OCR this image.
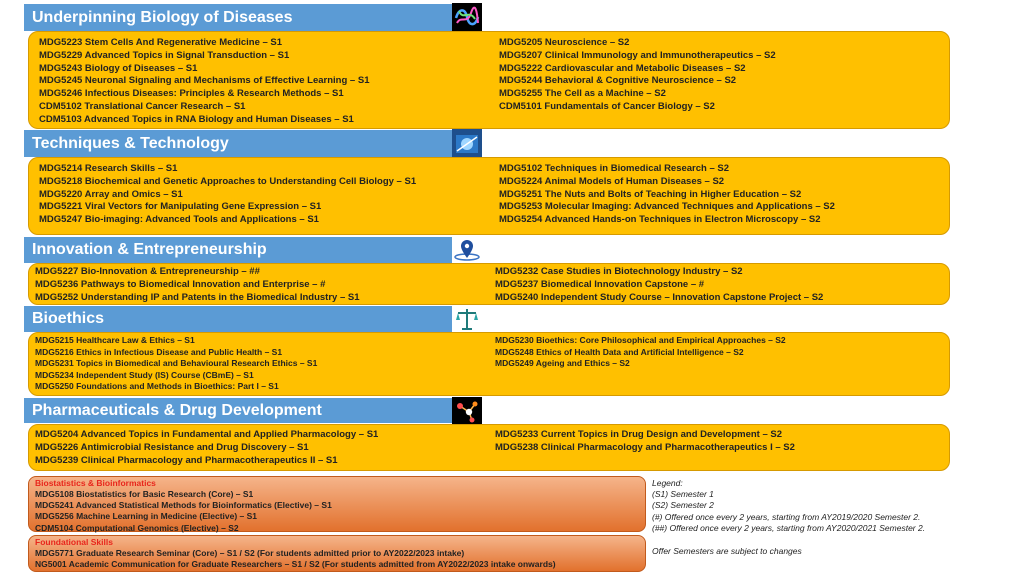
Underpinning Biology of Diseases
MDG5223 Stem Cells And Regenerative Medicine – S1
MDG5229 Advanced Topics in Signal Transduction – S1
MDG5243 Biology of Diseases – S1
MDG5245 Neuronal Signaling and Mechanisms of Effective Learning – S1
MDG5246 Infectious Diseases: Principles & Research Methods – S1
CDM5102 Translational Cancer Research – S1
CDM5103 Advanced Topics in RNA Biology and Human Diseases – S1
MDG5205 Neuroscience – S2
MDG5207 Clinical Immunology and Immunotherapeutics – S2
MDG5222 Cardiovascular and Metabolic Diseases – S2
MDG5244 Behavioral & Cognitive Neuroscience – S2
MDG5255 The Cell as a Machine – S2
CDM5101 Fundamentals of Cancer Biology – S2
Techniques & Technology
MDG5214 Research Skills – S1
MDG5218 Biochemical and Genetic Approaches to Understanding Cell Biology – S1
MDG5220 Array and Omics – S1
MDG5221 Viral Vectors for Manipulating Gene Expression – S1
MDG5247 Bio-imaging: Advanced Tools and Applications – S1
MDG5102 Techniques in Biomedical Research – S2
MDG5224 Animal Models of Human Diseases – S2
MDG5251 The Nuts and Bolts of Teaching in Higher Education – S2
MDG5253 Molecular Imaging: Advanced Techniques and Applications – S2
MDG5254 Advanced Hands-on Techniques in Electron Microscopy – S2
Innovation & Entrepreneurship
MDG5227 Bio-Innovation & Entrepreneurship – ##
MDG5236 Pathways to Biomedical Innovation and Enterprise – #
MDG5252 Understanding IP and Patents in the Biomedical Industry – S1
MDG5232 Case Studies in Biotechnology Industry – S2
MDG5237 Biomedical Innovation Capstone – #
MDG5240 Independent Study Course – Innovation Capstone Project – S2
Bioethics
MDG5215 Healthcare Law & Ethics – S1
MDG5216 Ethics in Infectious Disease and Public Health – S1
MDG5231 Topics in Biomedical and Behavioural Research Ethics – S1
MDG5234 Independent Study (IS) Course (CBmE) – S1
MDG5250 Foundations and Methods in Bioethics: Part I – S1
MDG5230 Bioethics: Core Philosophical and Empirical Approaches – S2
MDG5248 Ethics of Health Data and Artificial Intelligence – S2
MDG5249 Ageing and Ethics – S2
Pharmaceuticals & Drug Development
MDG5204 Advanced Topics in Fundamental and Applied Pharmacology – S1
MDG5226 Antimicrobial Resistance and Drug Discovery – S1
MDG5239 Clinical Pharmacology and Pharmacotherapeutics II – S1
MDG5233 Current Topics in Drug Design and Development – S2
MDG5238 Clinical Pharmacology and Pharmacotherapeutics I – S2
Biostatistics & Bioinformatics
MDG5108 Biostatistics for Basic Research (Core) – S1
MDG5241 Advanced Statistical Methods for Bioinformatics (Elective) – S1
MDG5256 Machine Learning in Medicine (Elective) – S1
CDM5104 Computational Genomics (Elective) – S2
Foundational Skills
MDG5771 Graduate Research Seminar (Core) – S1 / S2 (For students admitted prior to AY2022/2023 intake)
NG5001 Academic Communication for Graduate Researchers – S1 / S2 (For students admitted from AY2022/2023 intake onwards)
Legend:
(S1) Semester 1
(S2) Semester 2
(#) Offered once every 2 years, starting from AY2019/2020 Semester 2.
(##) Offered once every 2 years, starting from AY2020/2021 Semester 2.
Offer Semesters are subject to changes
